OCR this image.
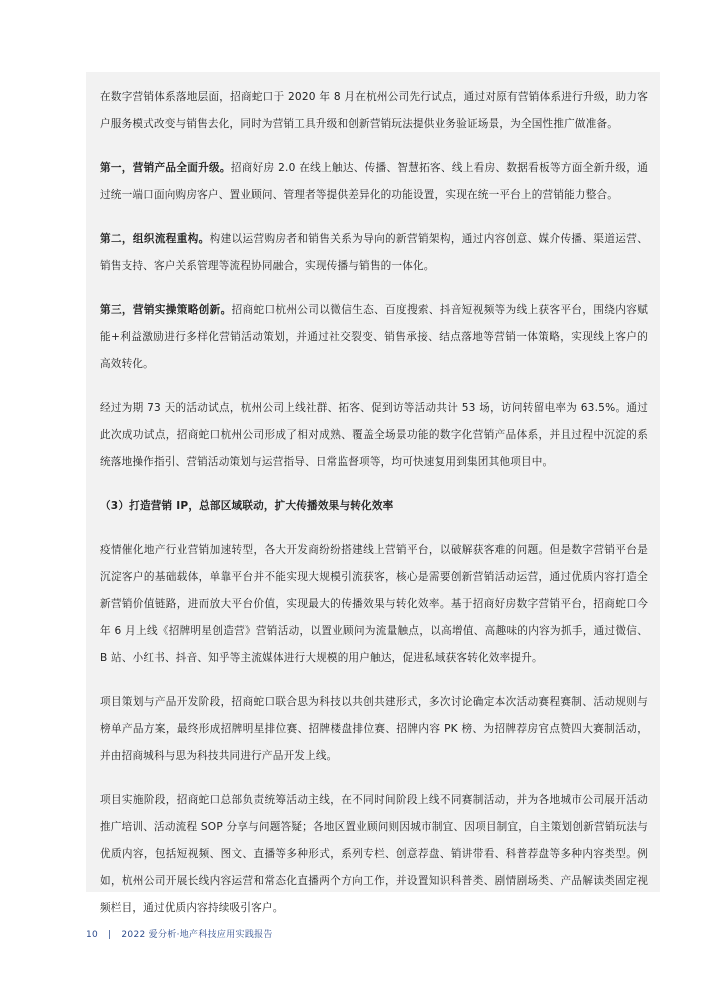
在数字营销体系落地层面，招商蛇口于 2020 年 8 月在杭州公司先行试点，通过对原有营销体系进行升级，助力客户服务模式改变与销售去化，同时为营销工具升级和创新营销玩法提供业务验证场景，为全国性推广做准备。

第一，营销产品全面升级。招商好房 2.0 在线上触达、传播、智慧拓客、线上看房、数据看板等方面全新升级，通过统一端口面向购房客户、置业顾问、管理者等提供差异化的功能设置，实现在统一平台上的营销能力整合。

第二，组织流程重构。构建以运营购房者和销售关系为导向的新营销架构，通过内容创意、媒介传播、渠道运营、销售支持、客户关系管理等流程协同融合，实现传播与销售的一体化。

第三，营销实操策略创新。招商蛇口杭州公司以微信生态、百度搜索、抖音短视频等为线上获客平台，围绕内容赋能+利益激励进行多样化营销活动策划，并通过社交裂变、销售承接、结点落地等营销一体策略，实现线上客户的高效转化。

经过为期 73 天的活动试点，杭州公司上线社群、拓客、促到访等活动共计 53 场，访问转留电率为 63.5%。通过此次成功试点，招商蛇口杭州公司形成了相对成熟、覆盖全场景功能的数字化营销产品体系，并且过程中沉淀的系统落地操作指引、营销活动策划与运营指导、日常监督项等，均可快速复用到集团其他项目中。

（3）打造营销 IP，总部区域联动，扩大传播效果与转化效率

疫情催化地产行业营销加速转型，各大开发商纷纷搭建线上营销平台，以破解获客难的问题。但是数字营销平台是沉淀客户的基础载体，单靠平台并不能实现大规模引流获客，核心是需要创新营销活动运营，通过优质内容打造全新营销价值链路，进而放大平台价值，实现最大的传播效果与转化效率。基于招商好房数字营销平台，招商蛇口今年 6 月上线《招牌明星创造营》营销活动，以置业顾问为流量触点，以高增值、高趣味的内容为抓手，通过微信、B 站、小红书、抖音、知乎等主流媒体进行大规模的用户触达，促进私域获客转化效率提升。

项目策划与产品开发阶段，招商蛇口联合思为科技以共创共建形式，多次讨论确定本次活动赛程赛制、活动规则与榜单产品方案，最终形成招牌明星排位赛、招牌楼盘排位赛、招牌内容 PK 榜、为招牌荐房官点赞四大赛制活动，并由招商城科与思为科技共同进行产品开发上线。

项目实施阶段，招商蛇口总部负责统筹活动主线，在不同时间阶段上线不同赛制活动，并为各地城市公司展开活动推广培训、活动流程 SOP 分享与问题答疑；各地区置业顾问则因城市制宜、因项目制宜，自主策划创新营销玩法与优质内容，包括短视频、图文、直播等多种形式，系列专栏、创意荐盘、销讲带看、科普荐盘等多种内容类型。例如，杭州公司开展长线内容运营和常态化直播两个方向工作，并设置知识科普类、剧情剧场类、产品解读类固定视频栏目，通过优质内容持续吸引客户。

10 | 2022 爱分析·地产科技应用实践报告
